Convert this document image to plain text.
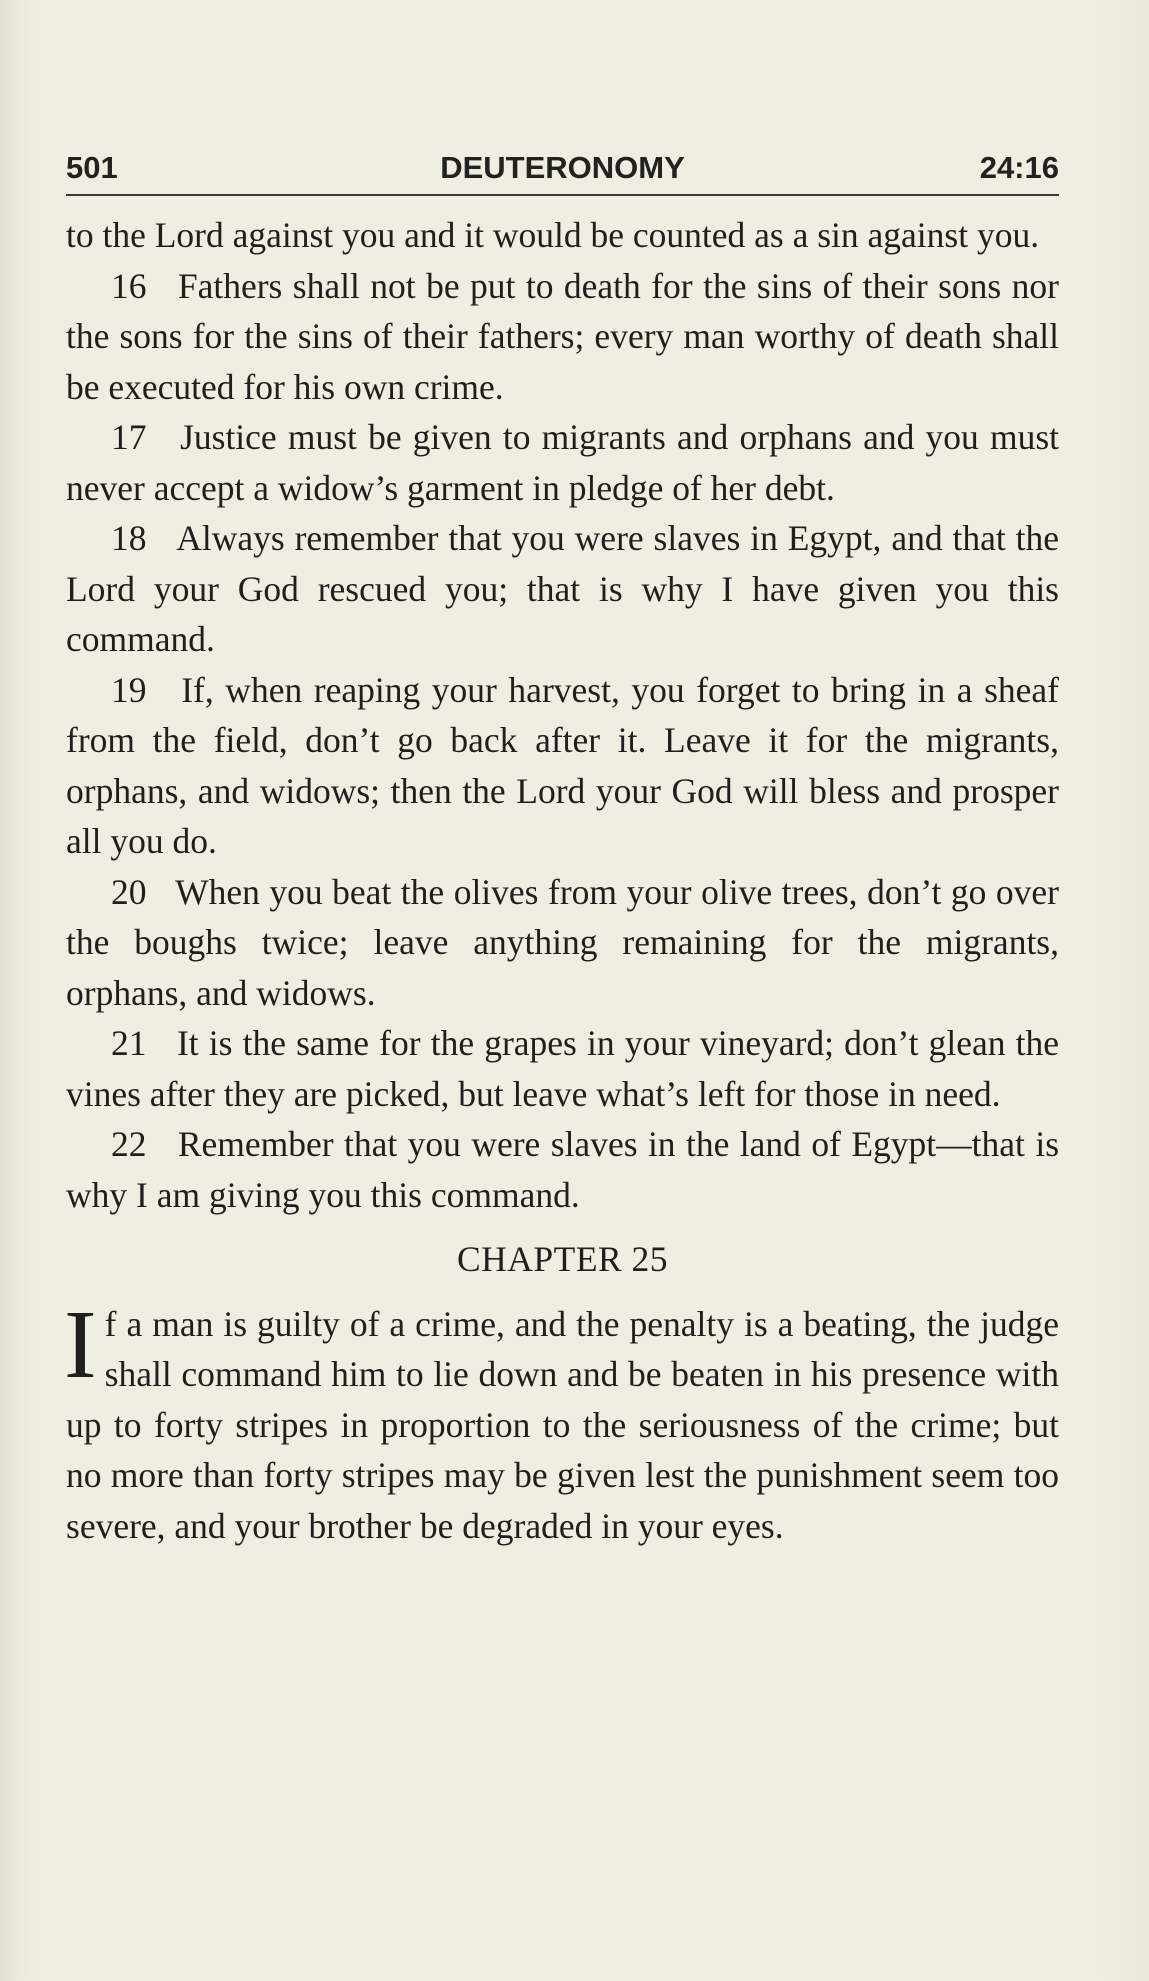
DEUTERONOMY
501	24:16

to the Lord against you and it would be counted as a sin against you.

16 Fathers shall not be put to death for the sins of their sons nor the sons for the sins of their fathers; every man worthy of death shall be executed for his own crime.

17 Justice must be given to migrants and orphans and you must never accept a widow’s garment in pledge of her debt.

18 Always remember that you were slaves in Egypt, and that the Lord your God rescued you; that is why I have given you this command.

19 If, when reaping your harvest, you forget to bring in a sheaf from the field, don’t go back after it. Leave it for the migrants, orphans, and widows; then the Lord your God will bless and prosper all you do.

20 When you beat the olives from your olive trees, don’t go over the boughs twice; leave anything remaining for the migrants, orphans, and widows.

21 It is the same for the grapes in your vineyard; don’t glean the vines after they are picked, but leave what’s left for those in need.

22 Remember that you were slaves in the land of Egypt—that is why I am giving you this command.

CHAPTER 25

If a man is guilty of a crime, and the penalty is a beating, the judge shall command him to lie down and be beaten in his presence with up to forty stripes in proportion to the seriousness of the crime; but no more than forty stripes may be given lest the punishment seem too severe, and your brother be degraded in your eyes.
